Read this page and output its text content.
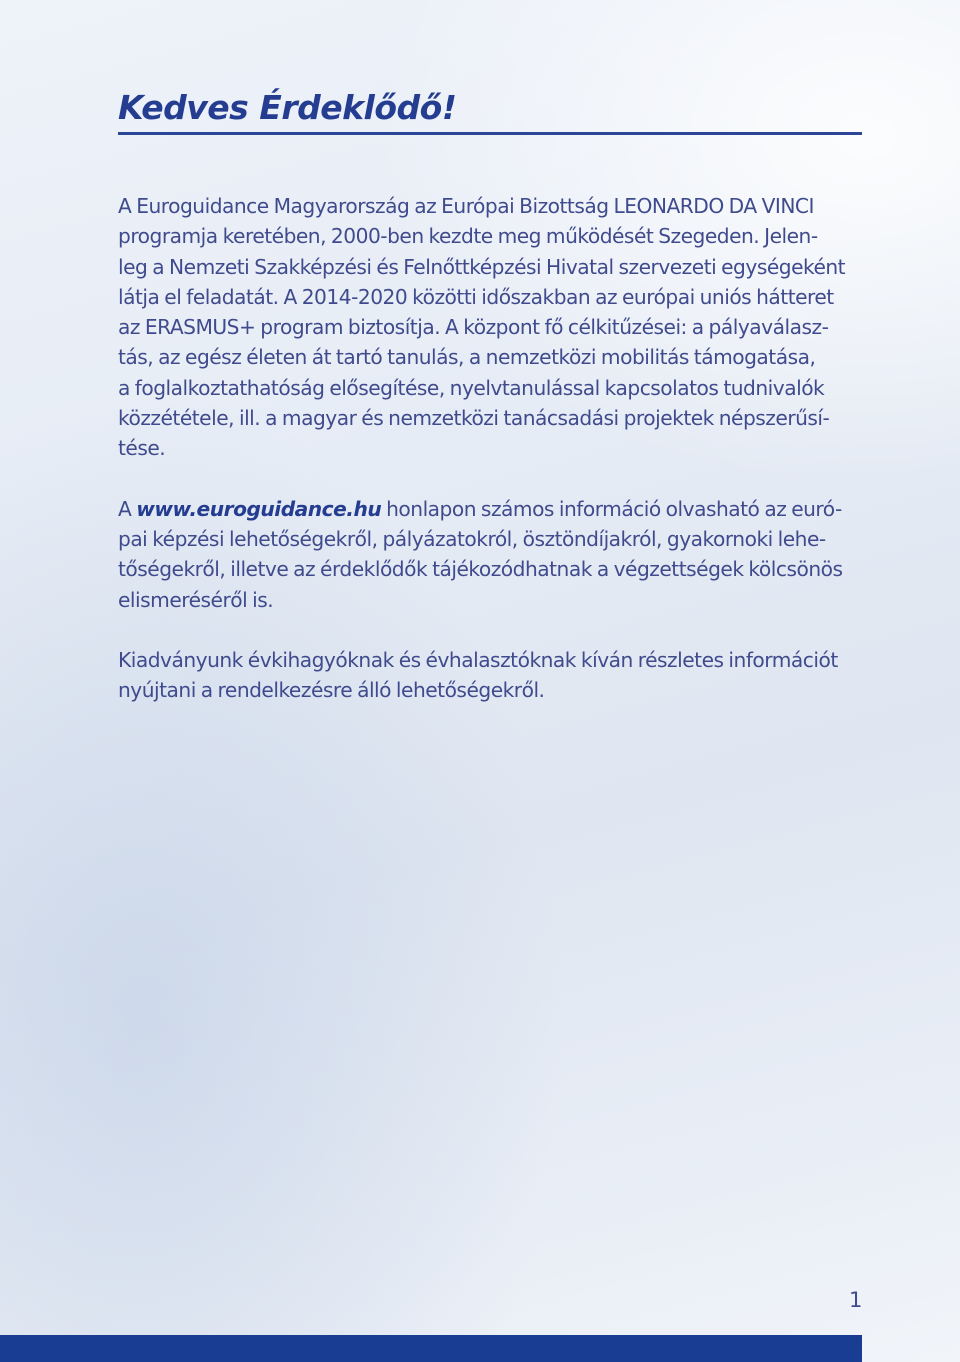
Kedves Érdeklődő!

A Euroguidance Magyarország az Európai Bizottság LEONARDO DA VINCI
programja keretében, 2000-ben kezdte meg működését Szegeden. Jelen-
leg a Nemzeti Szakképzési és Felnőttképzési Hivatal szervezeti egységeként
látja el feladatát. A 2014-2020 közötti időszakban az európai uniós hátteret
az ERASMUS+ program biztosítja. A központ fő célkitűzései: a pályaválasz-
tás, az egész életen át tartó tanulás, a nemzetközi mobilitás támogatása,
a foglalkoztathatóság elősegítése, nyelvtanulással kapcsolatos tudnivalók
közzététele, ill. a magyar és nemzetközi tanácsadási projektek népszerűsí-
tése.

A www.euroguidance.hu honlapon számos információ olvasható az euró-
pai képzési lehetőségekről, pályázatokról, ösztöndíjakról, gyakornoki lehe-
tőségekről, illetve az érdeklődők tájékozódhatnak a végzettségek kölcsönös
elismeréséről is.

Kiadványunk évkihagyóknak és évhalasztóknak kíván részletes információt
nyújtani a rendelkezésre álló lehetőségekről.

1
